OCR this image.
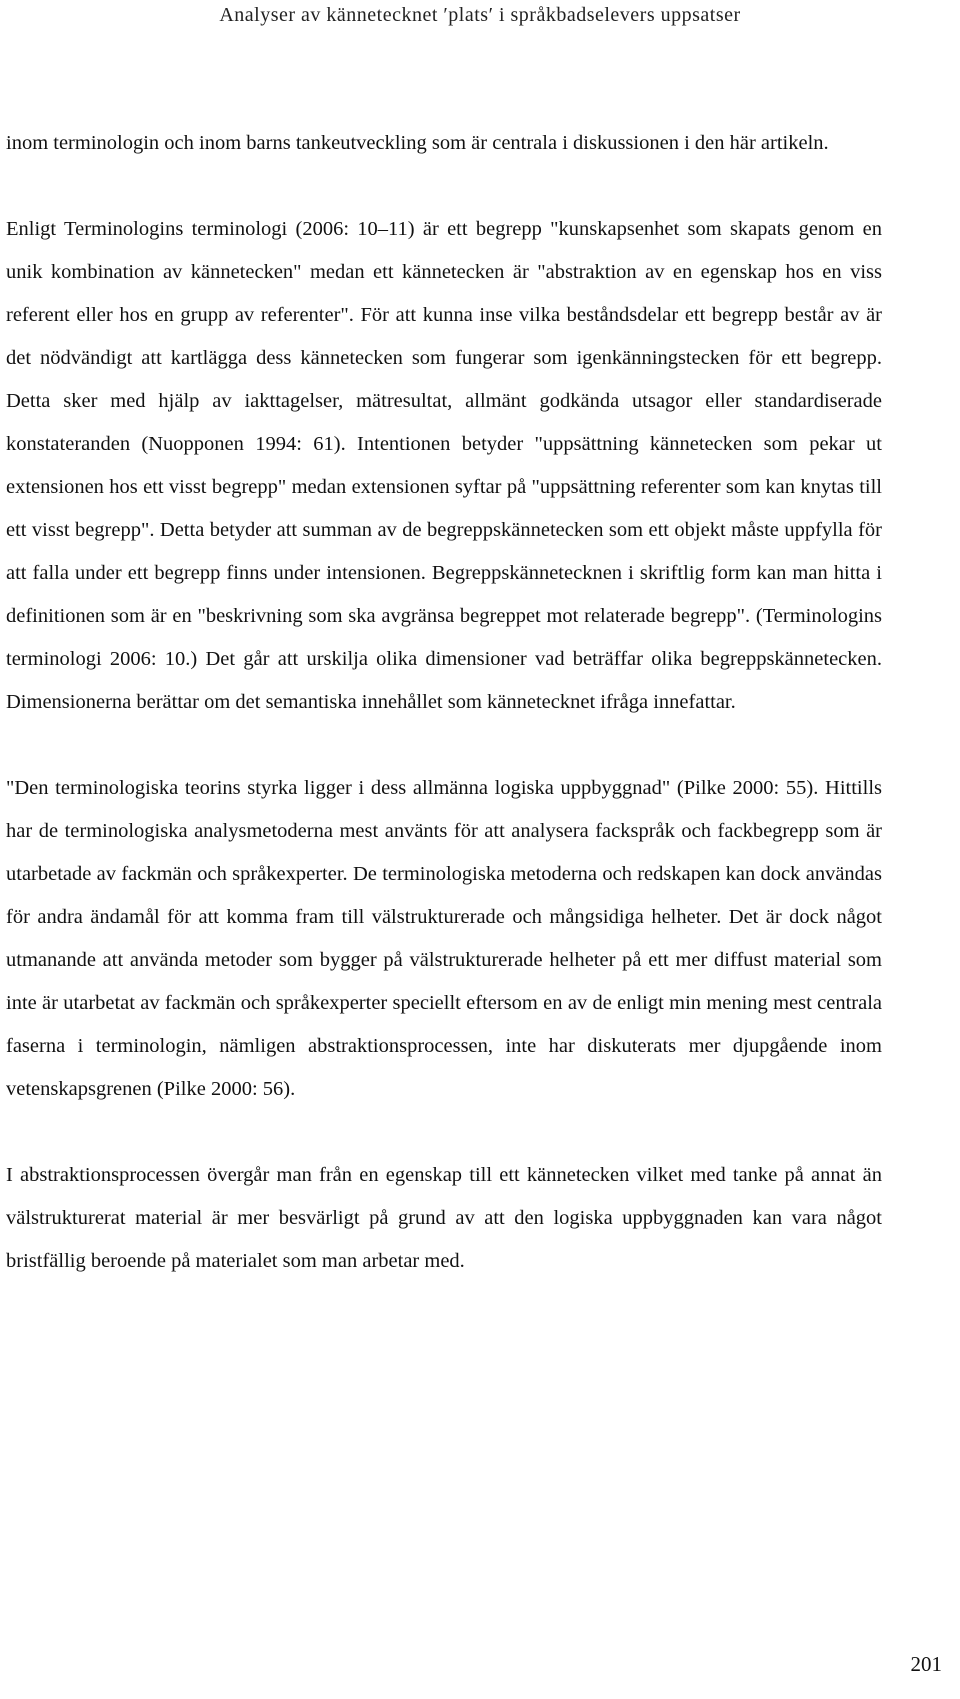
Analyser av kännetecknet ′plats′ i språkbadselevers uppsatser

inom terminologin och inom barns tankeutveckling som är centrala i diskussionen i den här artikeln.

Enligt Terminologins terminologi (2006: 10–11) är ett begrepp "kunskapsenhet som skapats genom en unik kombination av kännetecken" medan ett kännetecken är "abstraktion av en egenskap hos en viss referent eller hos en grupp av referenter". För att kunna inse vilka beståndsdelar ett begrepp består av är det nödvändigt att kartlägga dess kännetecken som fungerar som igenkänningstecken för ett begrepp. Detta sker med hjälp av iakttagelser, mätresultat, allmänt godkända utsagor eller standardiserade konstateranden (Nuopponen 1994: 61). Intentionen betyder "uppsättning kännetecken som pekar ut extensionen hos ett visst begrepp" medan extensionen syftar på "uppsättning referenter som kan knytas till ett visst begrepp". Detta betyder att summan av de begreppskännetecken som ett objekt måste uppfylla för att falla under ett begrepp finns under intensionen. Begreppskännetecknen i skriftlig form kan man hitta i definitionen som är en "beskrivning som ska avgränsa begreppet mot relaterade begrepp". (Terminologins terminologi 2006: 10.) Det går att urskilja olika dimensioner vad beträffar olika begreppskännetecken. Dimensionerna berättar om det semantiska innehållet som kännetecknet ifråga innefattar.

"Den terminologiska teorins styrka ligger i dess allmänna logiska uppbyggnad" (Pilke 2000: 55). Hittills har de terminologiska analysmetoderna mest använts för att analysera fackspråk och fackbegrepp som är utarbetade av fackmän och språkexperter. De terminologiska metoderna och redskapen kan dock användas för andra ändamål för att komma fram till välstrukturerade och mångsidiga helheter. Det är dock något utmanande att använda metoder som bygger på välstrukturerade helheter på ett mer diffust material som inte är utarbetat av fackmän och språkexperter speciellt eftersom en av de enligt min mening mest centrala faserna i terminologin, nämligen abstraktionsprocessen, inte har diskuterats mer djupgående inom vetenskapsgrenen (Pilke 2000: 56).

I abstraktionsprocessen övergår man från en egenskap till ett kännetecken vilket med tanke på annat än välstrukturerat material är mer besvärligt på grund av att den logiska uppbyggnaden kan vara något bristfällig beroende på materialet som man arbetar med.

201
